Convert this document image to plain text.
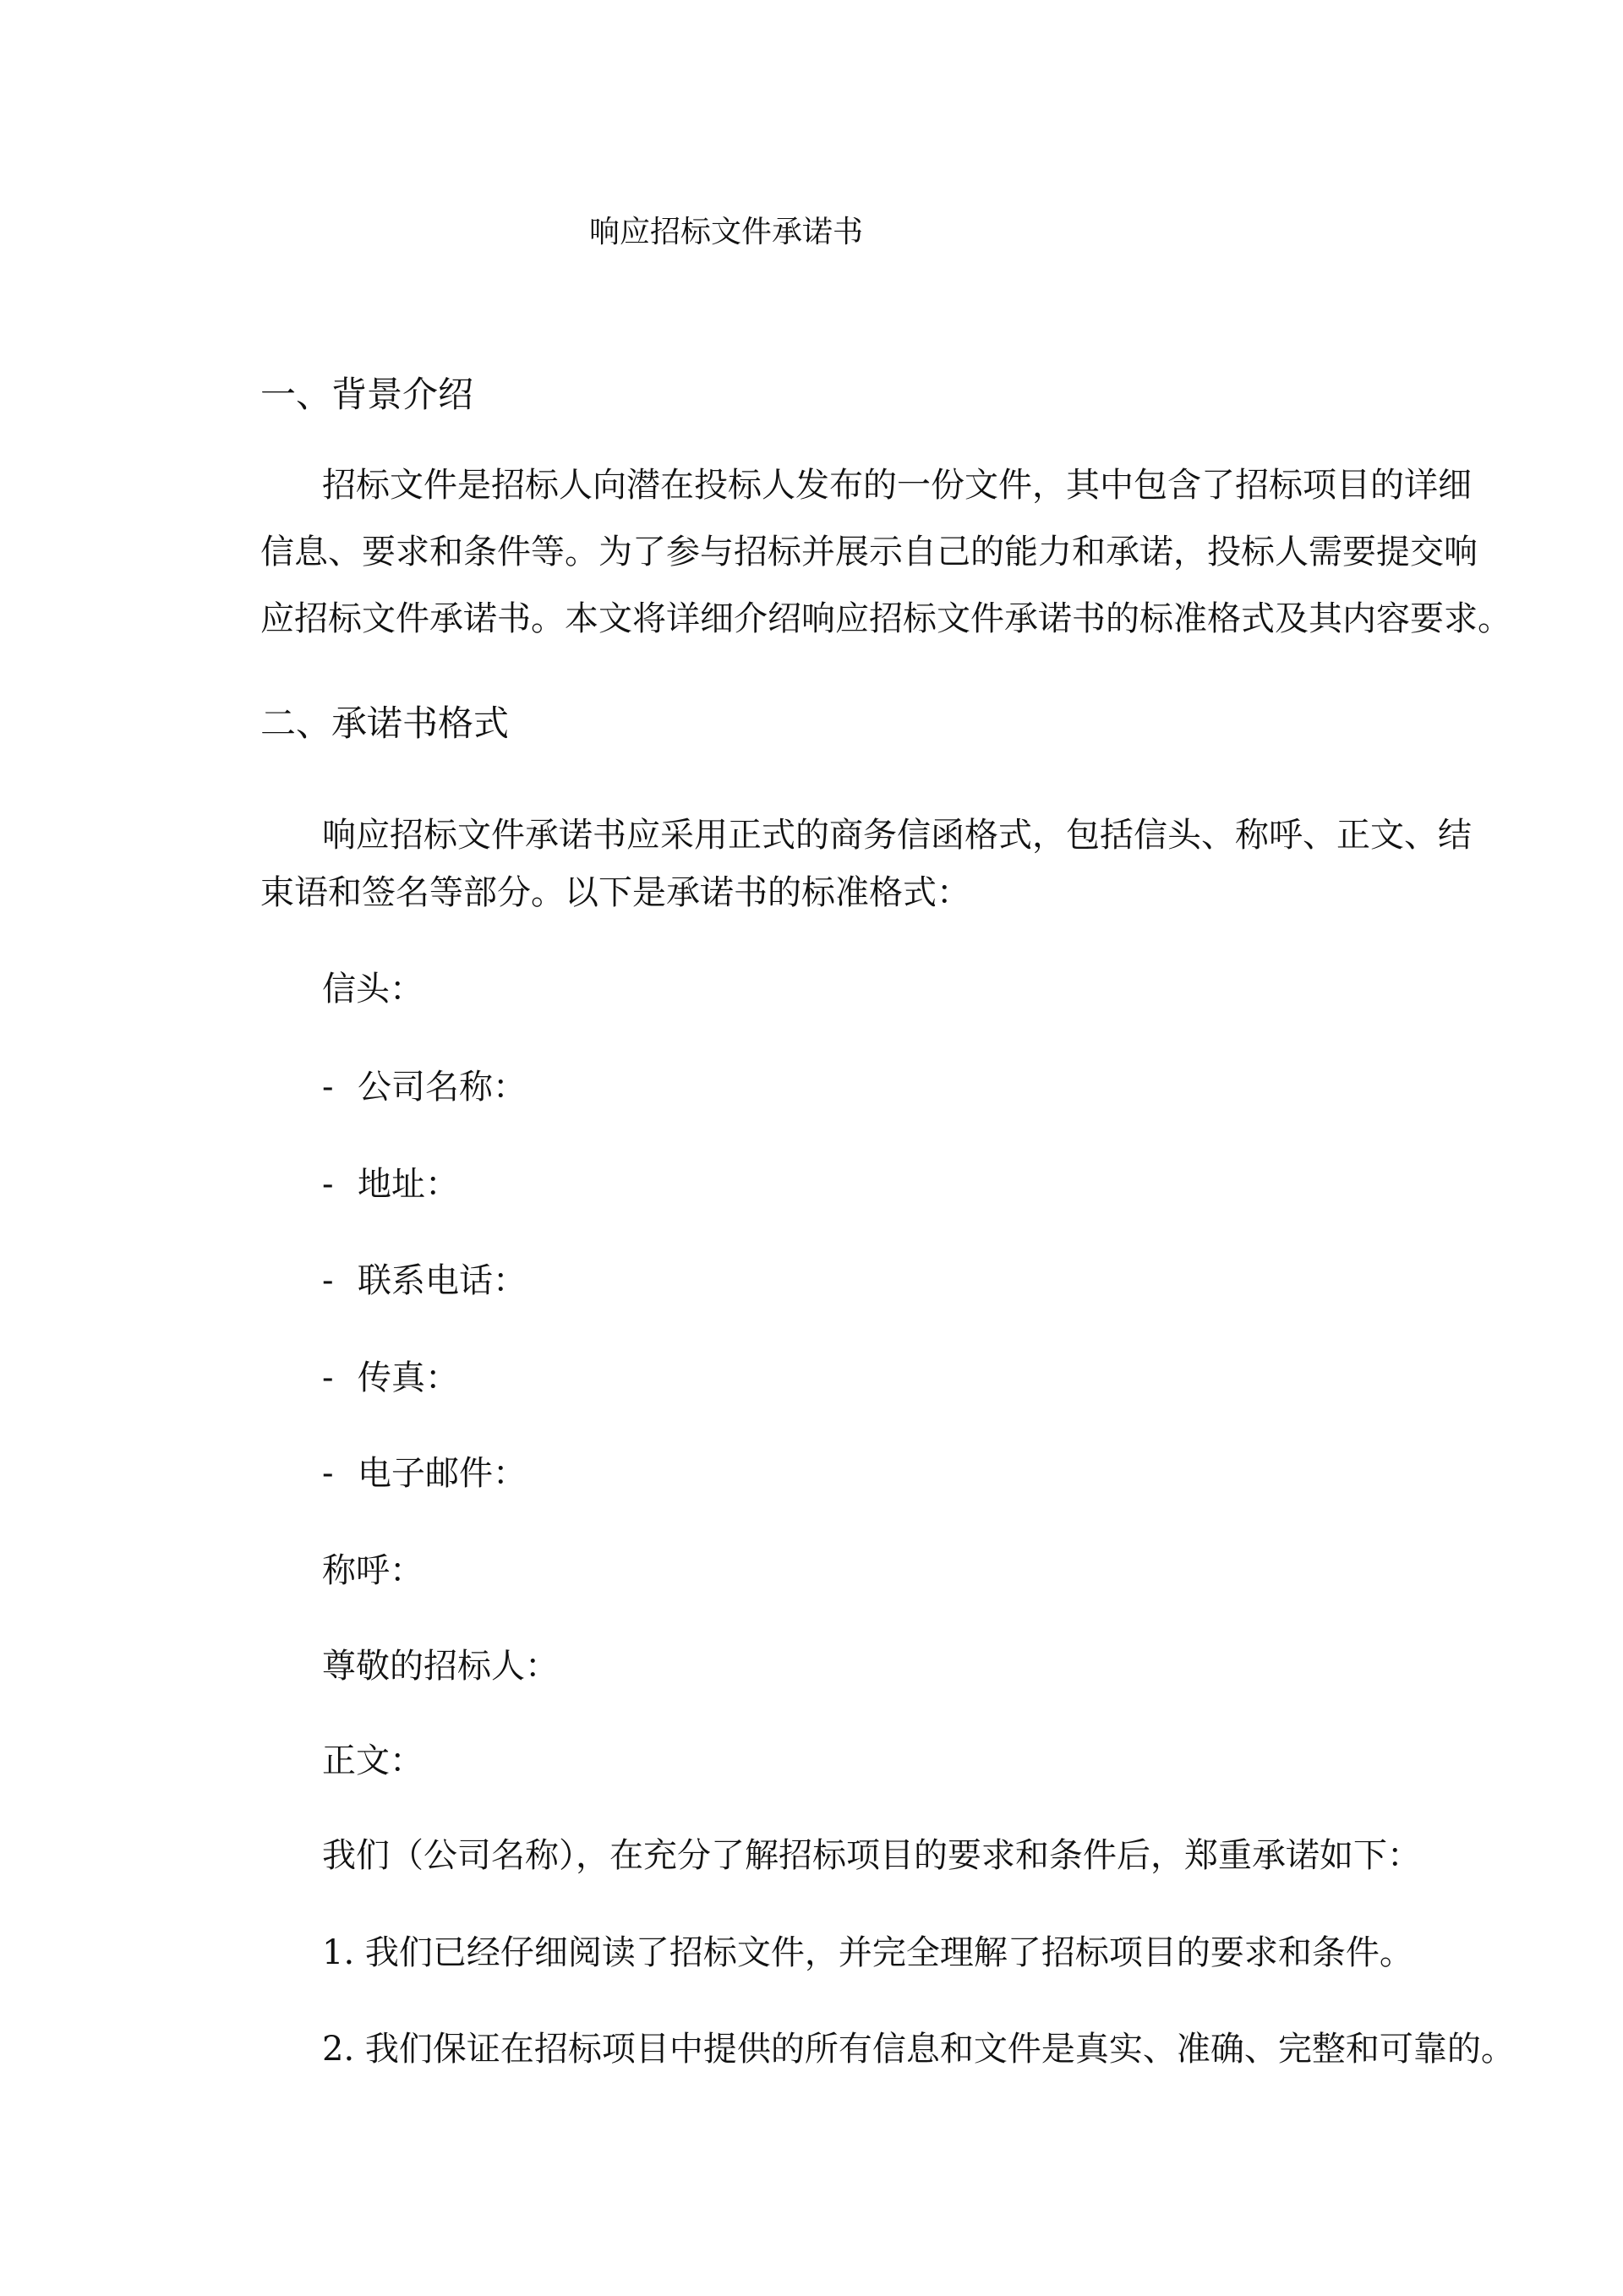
响应招标文件承诺书
一、背景介绍
招标文件是招标人向潜在投标人发布的一份文件，其中包含了招标项目的详细
信息、要求和条件等。为了参与招标并展示自己的能力和承诺，投标人需要提交响
应招标文件承诺书。本文将详细介绍响应招标文件承诺书的标准格式及其内容要求。
二、承诺书格式
响应招标文件承诺书应采用正式的商务信函格式，包括信头、称呼、正文、结
束语和签名等部分。以下是承诺书的标准格式：
信头：
- 公司名称：
- 地址：
- 联系电话：
- 传真：
- 电子邮件：
称呼：
尊敬的招标人：
正文：
我们（公司名称），在充分了解招标项目的要求和条件后，郑重承诺如下：
1. 我们已经仔细阅读了招标文件，并完全理解了招标项目的要求和条件。
2. 我们保证在招标项目中提供的所有信息和文件是真实、准确、完整和可靠的。
